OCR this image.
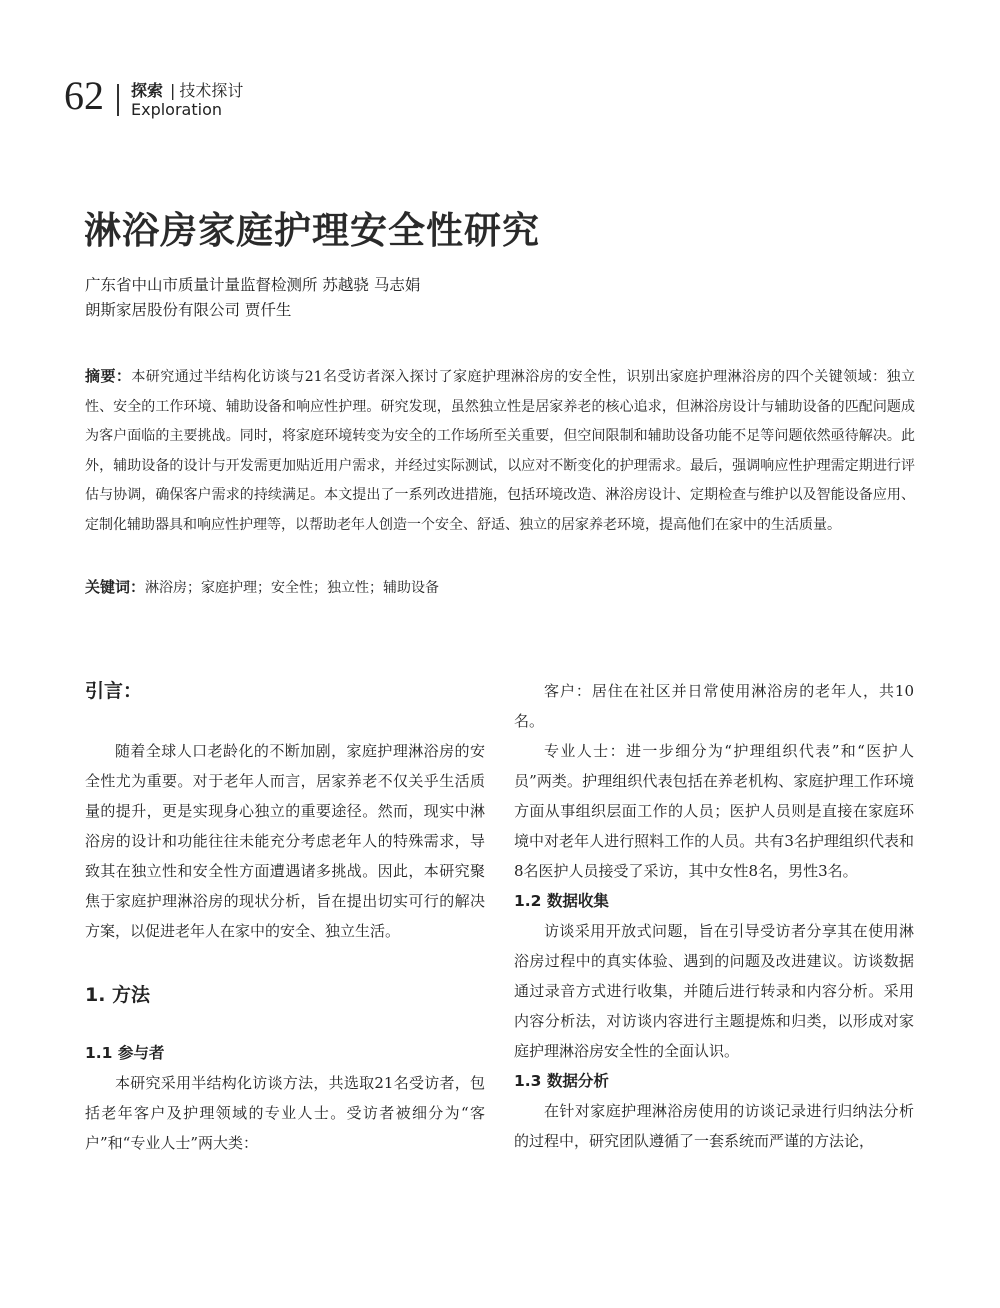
62 探索 | 技术探讨
Exploration
淋浴房家庭护理安全性研究
广东省中山市质量计量监督检测所 苏越骁 马志娟
朗斯家居股份有限公司 贾仟生
摘要：本研究通过半结构化访谈与21名受访者深入探讨了家庭护理淋浴房的安全性，识别出家庭护理淋浴房的四个关键领域：独立性、安全的工作环境、辅助设备和响应性护理。研究发现，虽然独立性是居家养老的核心追求，但淋浴房设计与辅助设备的匹配问题成为客户面临的主要挑战。同时，将家庭环境转变为安全的工作场所至关重要，但空间限制和辅助设备功能不足等问题依然亟待解决。此外，辅助设备的设计与开发需更加贴近用户需求，并经过实际测试，以应对不断变化的护理需求。最后，强调响应性护理需定期进行评估与协调，确保客户需求的持续满足。本文提出了一系列改进措施，包括环境改造、淋浴房设计、定期检查与维护以及智能设备应用、定制化辅助器具和响应性护理等，以帮助老年人创造一个安全、舒适、独立的居家养老环境，提高他们在家中的生活质量。
关键词：淋浴房；家庭护理；安全性；独立性；辅助设备
引言：

随着全球人口老龄化的不断加剧，家庭护理淋浴房的安全性尤为重要。对于老年人而言，居家养老不仅关乎生活质量的提升，更是实现身心独立的重要途径。然而，现实中淋浴房的设计和功能往往未能充分考虑老年人的特殊需求，导致其在独立性和安全性方面遭遇诸多挑战。因此，本研究聚焦于家庭护理淋浴房的现状分析，旨在提出切实可行的解决方案，以促进老年人在家中的安全、独立生活。

1. 方法
1.1 参与者

本研究采用半结构化访谈方法，共选取21名受访者，包括老年客户及护理领域的专业人士。受访者被细分为“客户”和“专业人士”两大类：

客户：居住在社区并日常使用淋浴房的老年人，共10名。

专业人士：进一步细分为“护理组织代表”和“医护人员”两类。护理组织代表包括在养老机构、家庭护理工作环境方面从事组织层面工作的人员；医护人员则是直接在家庭环境中对老年人进行照料工作的人员。共有3名护理组织代表和8名医护人员接受了采访，其中女性8名，男性3名。

1.2 数据收集

访谈采用开放式问题，旨在引导受访者分享其在使用淋浴房过程中的真实体验、遇到的问题及改进建议。访谈数据通过录音方式进行收集，并随后进行转录和内容分析。采用内容分析法，对访谈内容进行主题提炼和归类，以形成对家庭护理淋浴房安全性的全面认识。

1.3 数据分析

在针对家庭护理淋浴房使用的访谈记录进行归纳法分析的过程中，研究团队遵循了一套系统而严谨的方法论，
